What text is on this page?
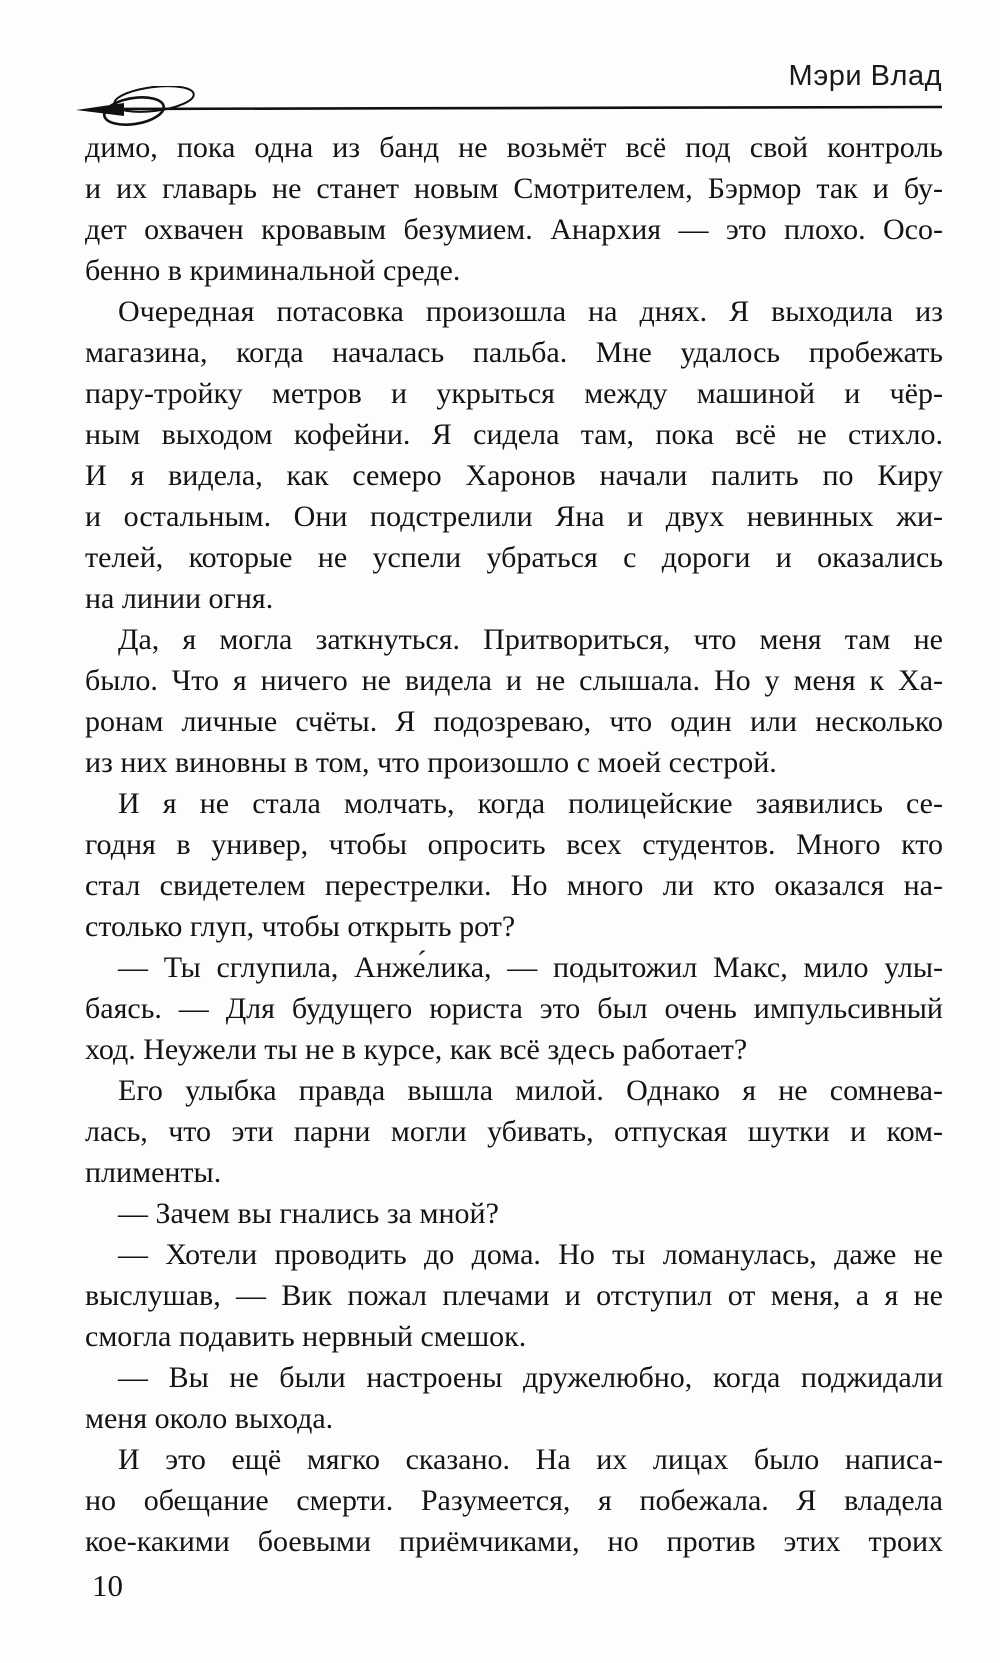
Мэри Влад
димо, пока одна из банд не возьмёт всё под свой контроль
и их главарь не станет новым Смотрителем, Бэрмор так и бу-
дет охвачен кровавым безумием. Анархия — это плохо. Осо-
бенно в криминальной среде.
Очередная потасовка произошла на днях. Я выходила из
магазина, когда началась пальба. Мне удалось пробежать
пару-тройку метров и укрыться между машиной и чёр-
ным выходом кофейни. Я сидела там, пока всё не стихло.
И я видела, как семеро Харонов начали палить по Киру
и остальным. Они подстрелили Яна и двух невинных жи-
телей, которые не успели убраться с дороги и оказались
на линии огня.
Да, я могла заткнуться. Притвориться, что меня там не
было. Что я ничего не видела и не слышала. Но у меня к Ха-
ронам личные счёты. Я подозреваю, что один или несколько
из них виновны в том, что произошло с моей сестрой.
И я не стала молчать, когда полицейские заявились се-
годня в универ, чтобы опросить всех студентов. Много кто
стал свидетелем перестрелки. Но много ли кто оказался на-
столько глуп, чтобы открыть рот?
— Ты сглупила, Анже́лика, — подытожил Макс, мило улы-
баясь. — Для будущего юриста это был очень импульсивный
ход. Неужели ты не в курсе, как всё здесь работает?
Его улыбка правда вышла милой. Однако я не сомнева-
лась, что эти парни могли убивать, отпуская шутки и ком-
плименты.
— Зачем вы гнались за мной?
— Хотели проводить до дома. Но ты ломанулась, даже не
выслушав, — Вик пожал плечами и отступил от меня, а я не
смогла подавить нервный смешок.
— Вы не были настроены дружелюбно, когда поджидали
меня около выхода.
И это ещё мягко сказано. На их лицах было написа-
но обещание смерти. Разумеется, я побежала. Я владела
кое-какими боевыми приёмчиками, но против этих троих
10
